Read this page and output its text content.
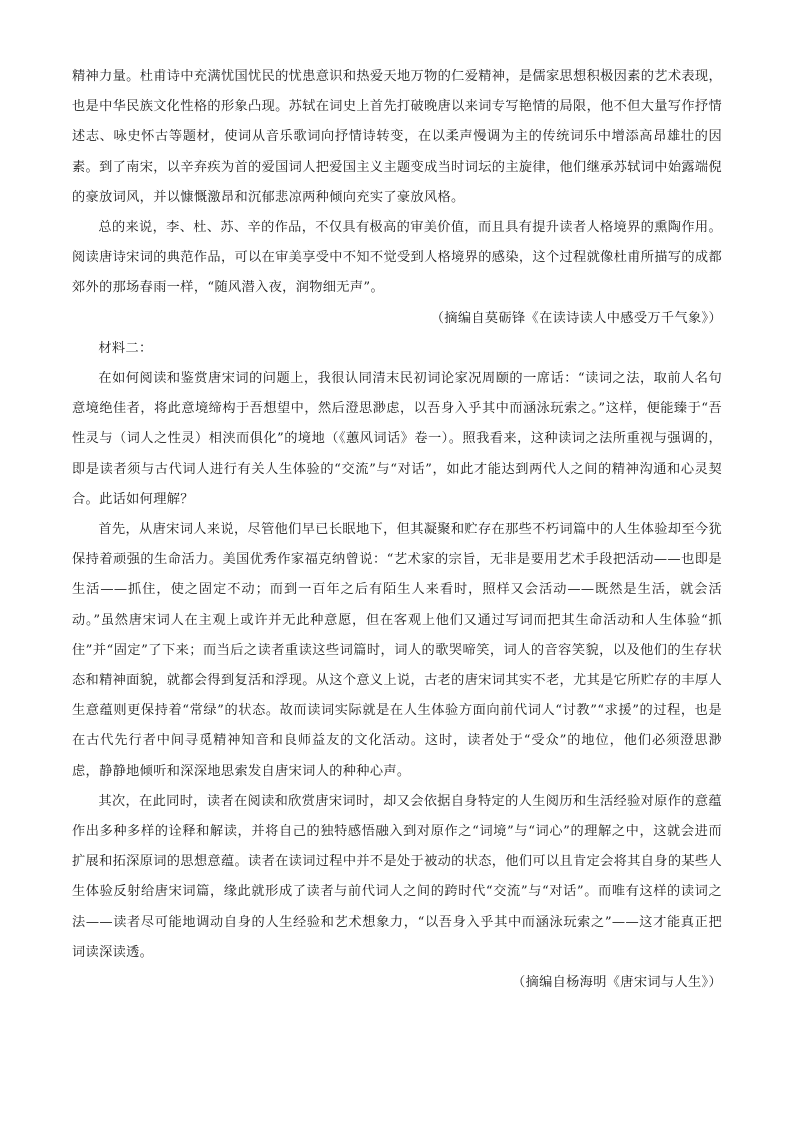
精神力量。杜甫诗中充满忧国忧民的忧患意识和热爱天地万物的仁爱精神，是儒家思想积极因素的艺术表现，也是中华民族文化性格的形象凸现。苏轼在词史上首先打破晚唐以来词专写艳情的局限，他不但大量写作抒情述志、咏史怀古等题材，使词从音乐歌词向抒情诗转变，在以柔声慢调为主的传统词乐中增添高昂雄壮的因素。到了南宋，以辛弃疾为首的爱国词人把爱国主义主题变成当时词坛的主旋律，他们继承苏轼词中始露端倪的豪放词风，并以慷慨激昂和沉郁悲凉两种倾向充实了豪放风格。

总的来说，李、杜、苏、辛的作品，不仅具有极高的审美价值，而且具有提升读者人格境界的熏陶作用。阅读唐诗宋词的典范作品，可以在审美享受中不知不觉受到人格境界的感染，这个过程就像杜甫所描写的成都郊外的那场春雨一样，“随风潜入夜，润物细无声”。

（摘编自莫砺锋《在读诗读人中感受万千气象》）

材料二：

在如何阅读和鉴赏唐宋词的问题上，我很认同清末民初词论家况周颐的一席话：“读词之法，取前人名句意境绝佳者，将此意境缔构于吾想望中，然后澄思渺虑，以吾身入乎其中而涵泳玩索之。”这样，便能臻于“吾性灵与（词人之性灵）相浃而俱化”的境地（《蕙风词话》卷一）。照我看来，这种读词之法所重视与强调的，即是读者须与古代词人进行有关人生体验的“交流”与“对话”，如此才能达到两代人之间的精神沟通和心灵契合。此话如何理解？

首先，从唐宋词人来说，尽管他们早已长眠地下，但其凝聚和贮存在那些不朽词篇中的人生体验却至今犹保持着顽强的生命活力。美国优秀作家福克纳曾说：“艺术家的宗旨，无非是要用艺术手段把活动——也即是生活——抓住，使之固定不动；而到一百年之后有陌生人来看时，照样又会活动——既然是生活，就会活动。”虽然唐宋词人在主观上或许并无此种意愿，但在客观上他们又通过写词而把其生命活动和人生体验“抓住”并“固定”了下来；而当后之读者重读这些词篇时，词人的歌哭啼笑，词人的音容笑貌，以及他们的生存状态和精神面貌，就都会得到复活和浮现。从这个意义上说，古老的唐宋词其实不老，尤其是它所贮存的丰厚人生意蕴则更保持着“常绿”的状态。故而读词实际就是在人生体验方面向前代词人“讨教”“求援”的过程，也是在古代先行者中间寻觅精神知音和良师益友的文化活动。这时，读者处于“受众”的地位，他们必须澄思渺虑，静静地倾听和深深地思索发自唐宋词人的种种心声。

其次，在此同时，读者在阅读和欣赏唐宋词时，却又会依据自身特定的人生阅历和生活经验对原作的意蕴作出多种多样的诠释和解读，并将自己的独特感悟融入到对原作之“词境”与“词心”的理解之中，这就会进而扩展和拓深原词的思想意蕴。读者在读词过程中并不是处于被动的状态，他们可以且肯定会将其自身的某些人生体验反射给唐宋词篇，缘此就形成了读者与前代词人之间的跨时代“交流”与“对话”。而唯有这样的读词之法——读者尽可能地调动自身的人生经验和艺术想象力，“以吾身入乎其中而涵泳玩索之”——这才能真正把词读深读透。

（摘编自杨海明《唐宋词与人生》）
